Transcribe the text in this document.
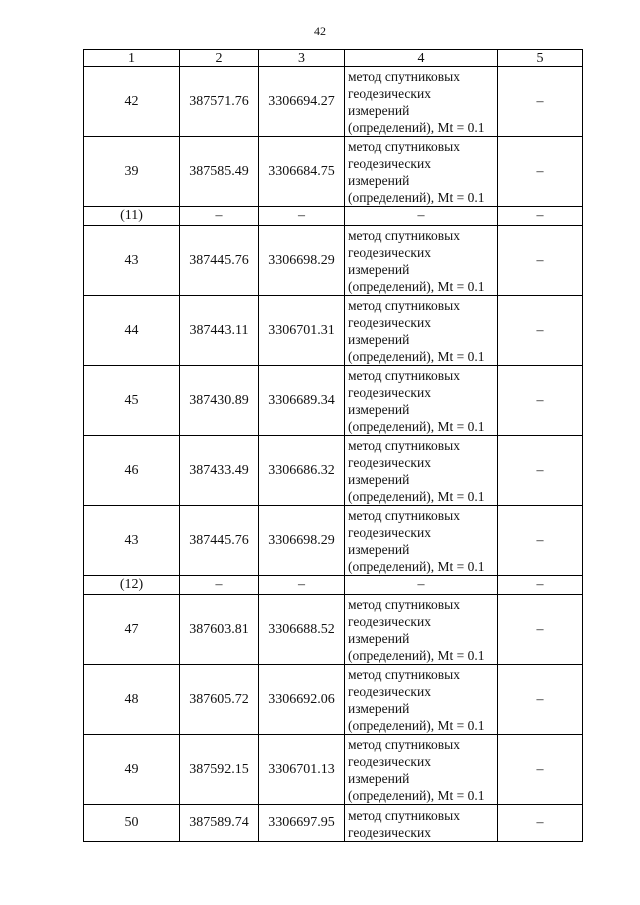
42
1	2	3	4	5
42	387571.76	3306694.27	метод спутниковых
геодезических
измерений
(определений), Mt = 0.1	–
39	387585.49	3306684.75	метод спутниковых
геодезических
измерений
(определений), Mt = 0.1	–
(11)	–	–	–	–
43	387445.76	3306698.29	метод спутниковых
геодезических
измерений
(определений), Mt = 0.1	–
44	387443.11	3306701.31	метод спутниковых
геодезических
измерений
(определений), Mt = 0.1	–
45	387430.89	3306689.34	метод спутниковых
геодезических
измерений
(определений), Mt = 0.1	–
46	387433.49	3306686.32	метод спутниковых
геодезических
измерений
(определений), Mt = 0.1	–
43	387445.76	3306698.29	метод спутниковых
геодезических
измерений
(определений), Mt = 0.1	–
(12)	–	–	–	–
47	387603.81	3306688.52	метод спутниковых
геодезических
измерений
(определений), Mt = 0.1	–
48	387605.72	3306692.06	метод спутниковых
геодезических
измерений
(определений), Mt = 0.1	–
49	387592.15	3306701.13	метод спутниковых
геодезических
измерений
(определений), Mt = 0.1	–
50	387589.74	3306697.95	метод спутниковых
геодезических	–
